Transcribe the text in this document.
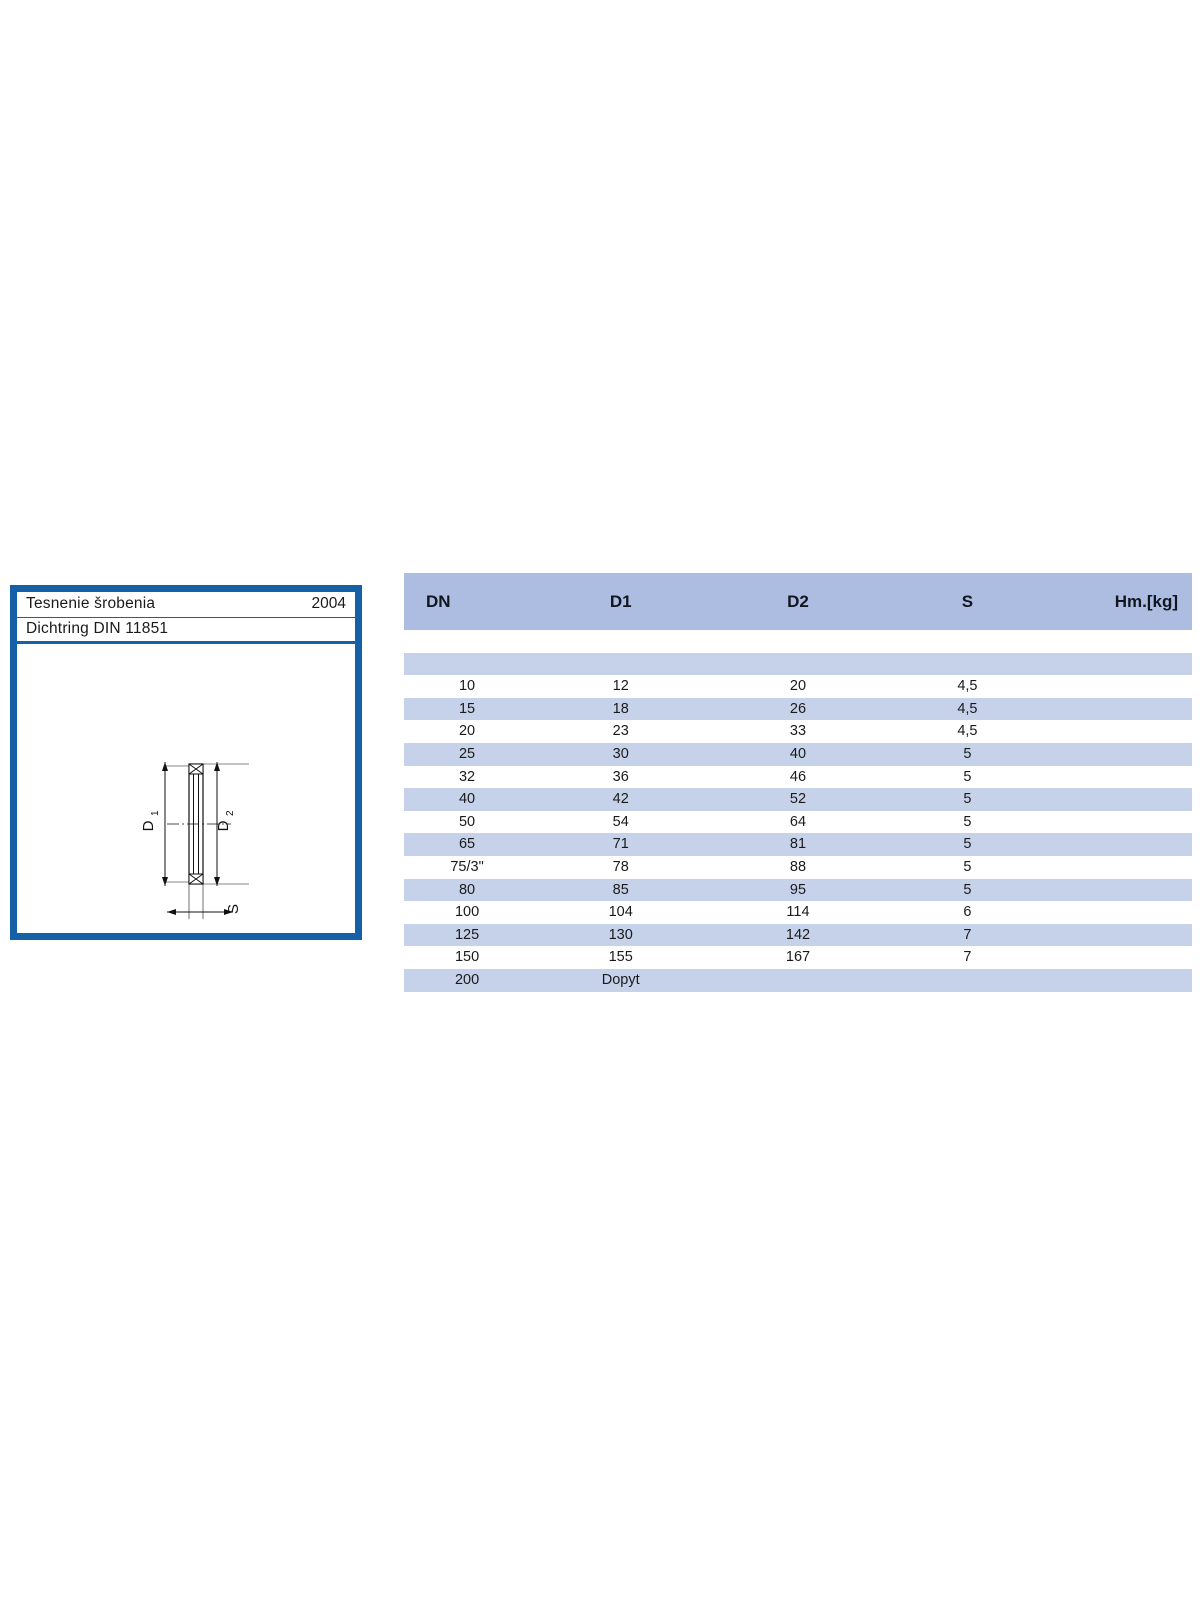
Tesnenie šrobenia	2004
Dichtring DIN 11851
D
1
D
2
S
DN	D1	D2	S	Hm.[kg]

10	12	20	4,5	
15	18	26	4,5	
20	23	33	4,5	
25	30	40	5	
32	36	46	5	
40	42	52	5	
50	54	64	5	
65	71	81	5	
75/3"	78	88	5	
80	85	95	5	
100	104	114	6	
125	130	142	7	
150	155	167	7	
200	Dopyt			
